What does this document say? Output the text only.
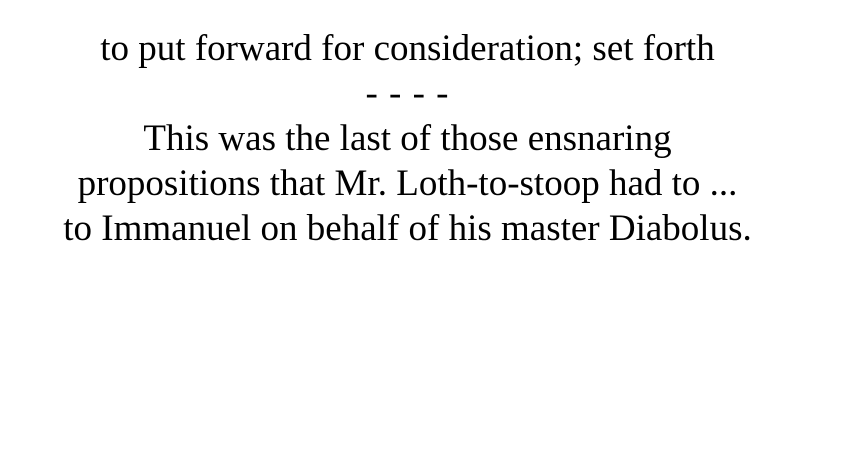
to put forward for consideration; set forth
- - - -
This was the last of those ensnaring
propositions that Mr. Loth-to-stoop had to ...
to Immanuel on behalf of his master Diabolus.
